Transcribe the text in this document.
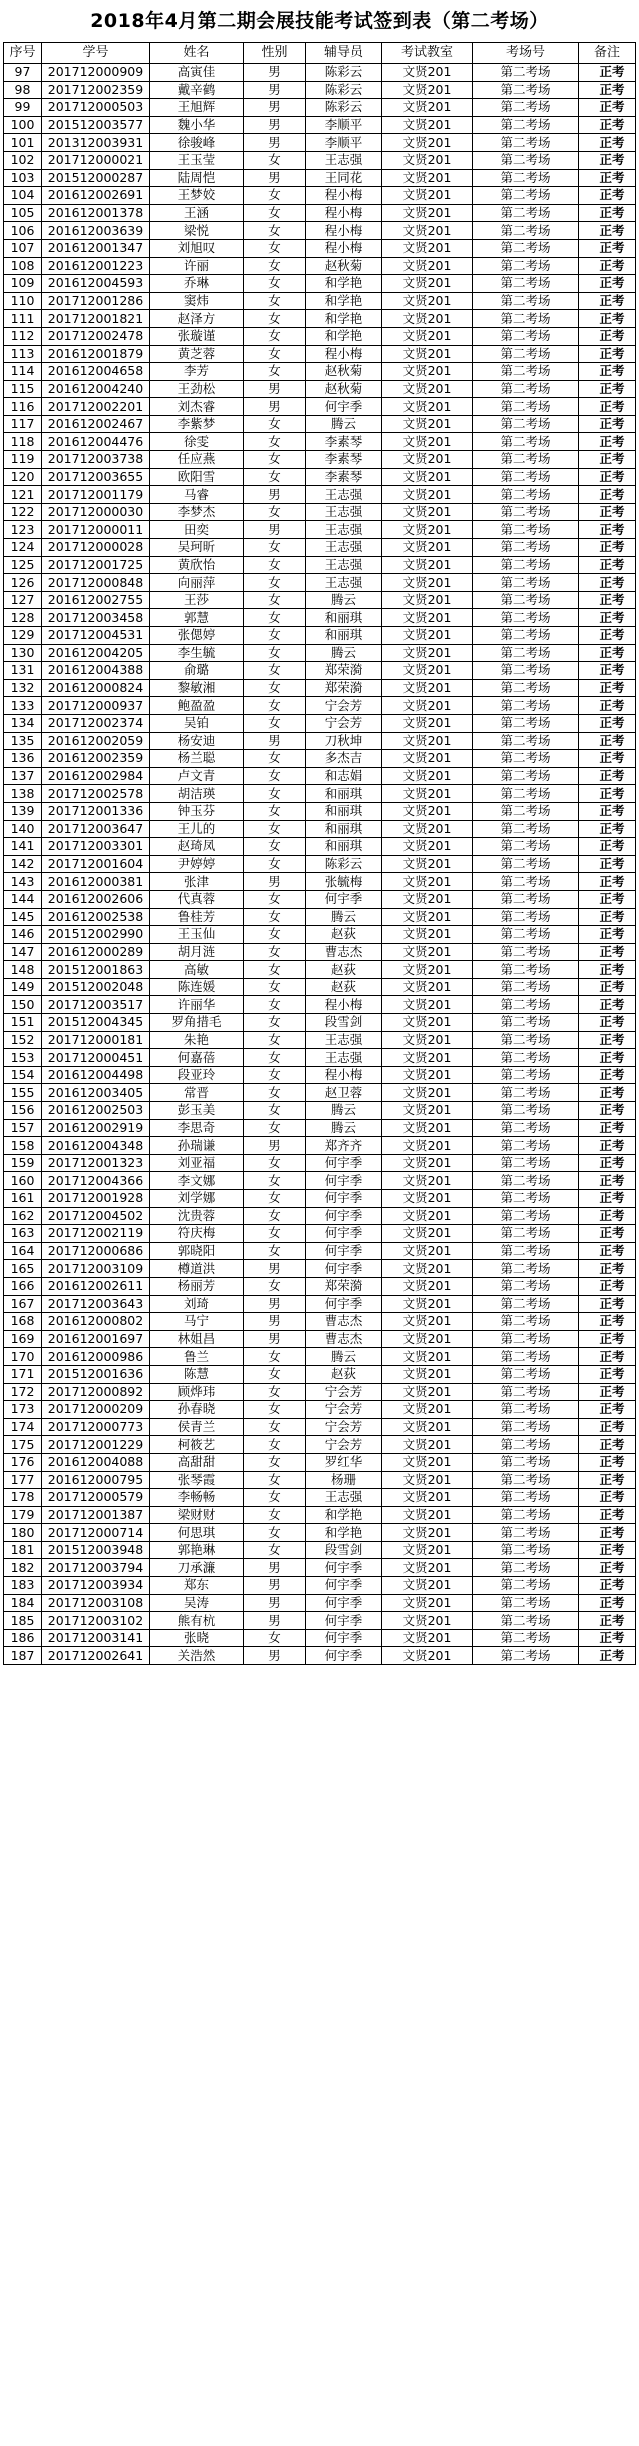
2018年4月第二期会展技能考试签到表（第二考场）
序号	学号	姓名	性别	辅导员	考试教室	考场号	备注
97	201712000909	高寅佳	男	陈彩云	文贤201	第二考场	正考
98	201712002359	戴辛鹤	男	陈彩云	文贤201	第二考场	正考
99	201712000503	王旭辉	男	陈彩云	文贤201	第二考场	正考
100	201512003577	魏小华	男	李顺平	文贤201	第二考场	正考
101	201312003931	徐骏峰	男	李顺平	文贤201	第二考场	正考
102	201712000021	王玉莹	女	王志强	文贤201	第二考场	正考
103	201512000287	陆周恺	男	王同花	文贤201	第二考场	正考
104	201612002691	王梦姣	女	程小梅	文贤201	第二考场	正考
105	201612001378	王涵	女	程小梅	文贤201	第二考场	正考
106	201612003639	梁悦	女	程小梅	文贤201	第二考场	正考
107	201612001347	刘旭叹	女	程小梅	文贤201	第二考场	正考
108	201612001223	许丽	女	赵秋菊	文贤201	第二考场	正考
109	201612004593	乔琳	女	和学艳	文贤201	第二考场	正考
110	201712001286	窦炜	女	和学艳	文贤201	第二考场	正考
111	201712001821	赵泽方	女	和学艳	文贤201	第二考场	正考
112	201712002478	张璇谨	女	和学艳	文贤201	第二考场	正考
113	201612001879	黄芝蓉	女	程小梅	文贤201	第二考场	正考
114	201612004658	李芳	女	赵秋菊	文贤201	第二考场	正考
115	201612004240	王劲松	男	赵秋菊	文贤201	第二考场	正考
116	201712002201	刘杰睿	男	何宇季	文贤201	第二考场	正考
117	201612002467	李紫梦	女	腾云	文贤201	第二考场	正考
118	201612004476	徐雯	女	李素琴	文贤201	第二考场	正考
119	201712003738	任应燕	女	李素琴	文贤201	第二考场	正考
120	201712003655	欧阳雪	女	李素琴	文贤201	第二考场	正考
121	201712001179	马睿	男	王志强	文贤201	第二考场	正考
122	201712000030	李梦杰	女	王志强	文贤201	第二考场	正考
123	201712000011	田奕	男	王志强	文贤201	第二考场	正考
124	201712000028	吴珂昕	女	王志强	文贤201	第二考场	正考
125	201712001725	黄欣怡	女	王志强	文贤201	第二考场	正考
126	201712000848	向丽萍	女	王志强	文贤201	第二考场	正考
127	201612002755	王莎	女	腾云	文贤201	第二考场	正考
128	201712003458	郭慧	女	和丽琪	文贤201	第二考场	正考
129	201712004531	张偲婷	女	和丽琪	文贤201	第二考场	正考
130	201612004205	李生毓	女	腾云	文贤201	第二考场	正考
131	201612004388	俞璐	女	郑荣漪	文贤201	第二考场	正考
132	201612000824	黎敏湘	女	郑荣漪	文贤201	第二考场	正考
133	201712000937	鲍盈盈	女	宁会芳	文贤201	第二考场	正考
134	201712002374	吴铂	女	宁会芳	文贤201	第二考场	正考
135	201612002059	杨安迪	男	刀秋坤	文贤201	第二考场	正考
136	201612002359	杨兰聪	女	多杰吉	文贤201	第二考场	正考
137	201612002984	卢文青	女	和志娟	文贤201	第二考场	正考
138	201712002578	胡洁瑛	女	和丽琪	文贤201	第二考场	正考
139	201712001336	钟玉芬	女	和丽琪	文贤201	第二考场	正考
140	201712003647	王儿的	女	和丽琪	文贤201	第二考场	正考
141	201712003301	赵琦凤	女	和丽琪	文贤201	第二考场	正考
142	201712001604	尹婷婷	女	陈彩云	文贤201	第二考场	正考
143	201612000381	张津	男	张毓梅	文贤201	第二考场	正考
144	201612002606	代真蓉	女	何宇季	文贤201	第二考场	正考
145	201612002538	鲁桂芳	女	腾云	文贤201	第二考场	正考
146	201512002990	王玉仙	女	赵荻	文贤201	第二考场	正考
147	201612000289	胡月涟	女	曹志杰	文贤201	第二考场	正考
148	201512001863	高敏	女	赵荻	文贤201	第二考场	正考
149	201512002048	陈连媛	女	赵荻	文贤201	第二考场	正考
150	201712003517	许丽华	女	程小梅	文贤201	第二考场	正考
151	201512004345	罗角措毛	女	段雪剑	文贤201	第二考场	正考
152	201712000181	朱艳	女	王志强	文贤201	第二考场	正考
153	201712000451	何嘉蓓	女	王志强	文贤201	第二考场	正考
154	201612004498	段亚玲	女	程小梅	文贤201	第二考场	正考
155	201612003405	常晋	女	赵卫蓉	文贤201	第二考场	正考
156	201612002503	彭玉美	女	腾云	文贤201	第二考场	正考
157	201612002919	李思奇	女	腾云	文贤201	第二考场	正考
158	201612004348	孙瑞谦	男	郑齐齐	文贤201	第二考场	正考
159	201712001323	刘亚福	女	何宇季	文贤201	第二考场	正考
160	201712004366	李文娜	女	何宇季	文贤201	第二考场	正考
161	201712001928	刘学娜	女	何宇季	文贤201	第二考场	正考
162	201712004502	沈贵蓉	女	何宇季	文贤201	第二考场	正考
163	201712002119	符庆梅	女	何宇季	文贤201	第二考场	正考
164	201712000686	郭晓阳	女	何宇季	文贤201	第二考场	正考
165	201712003109	樽道洪	男	何宇季	文贤201	第二考场	正考
166	201612002611	杨丽芳	女	郑荣漪	文贤201	第二考场	正考
167	201712003643	刘琦	男	何宇季	文贤201	第二考场	正考
168	201612000802	马宁	男	曹志杰	文贤201	第二考场	正考
169	201612001697	林姐昌	男	曹志杰	文贤201	第二考场	正考
170	201612000986	鲁兰	女	腾云	文贤201	第二考场	正考
171	201512001636	陈慧	女	赵荻	文贤201	第二考场	正考
172	201712000892	顾烨玮	女	宁会芳	文贤201	第二考场	正考
173	201712000209	孙春晓	女	宁会芳	文贤201	第二考场	正考
174	201712000773	侯青兰	女	宁会芳	文贤201	第二考场	正考
175	201712001229	柯筱艺	女	宁会芳	文贤201	第二考场	正考
176	201612004088	高甜甜	女	罗红华	文贤201	第二考场	正考
177	201612000795	张琴霞	女	杨珊	文贤201	第二考场	正考
178	201712000579	李畅畅	女	王志强	文贤201	第二考场	正考
179	201712001387	梁财财	女	和学艳	文贤201	第二考场	正考
180	201712000714	何思琪	女	和学艳	文贤201	第二考场	正考
181	201512003948	郭艳琳	女	段雪剑	文贤201	第二考场	正考
182	201712003794	刀承濂	男	何宇季	文贤201	第二考场	正考
183	201712003934	郑东	男	何宇季	文贤201	第二考场	正考
184	201712003108	吴涛	男	何宇季	文贤201	第二考场	正考
185	201712003102	熊有杭	男	何宇季	文贤201	第二考场	正考
186	201712003141	张晓	女	何宇季	文贤201	第二考场	正考
187	201712002641	关浩然	男	何宇季	文贤201	第二考场	正考
